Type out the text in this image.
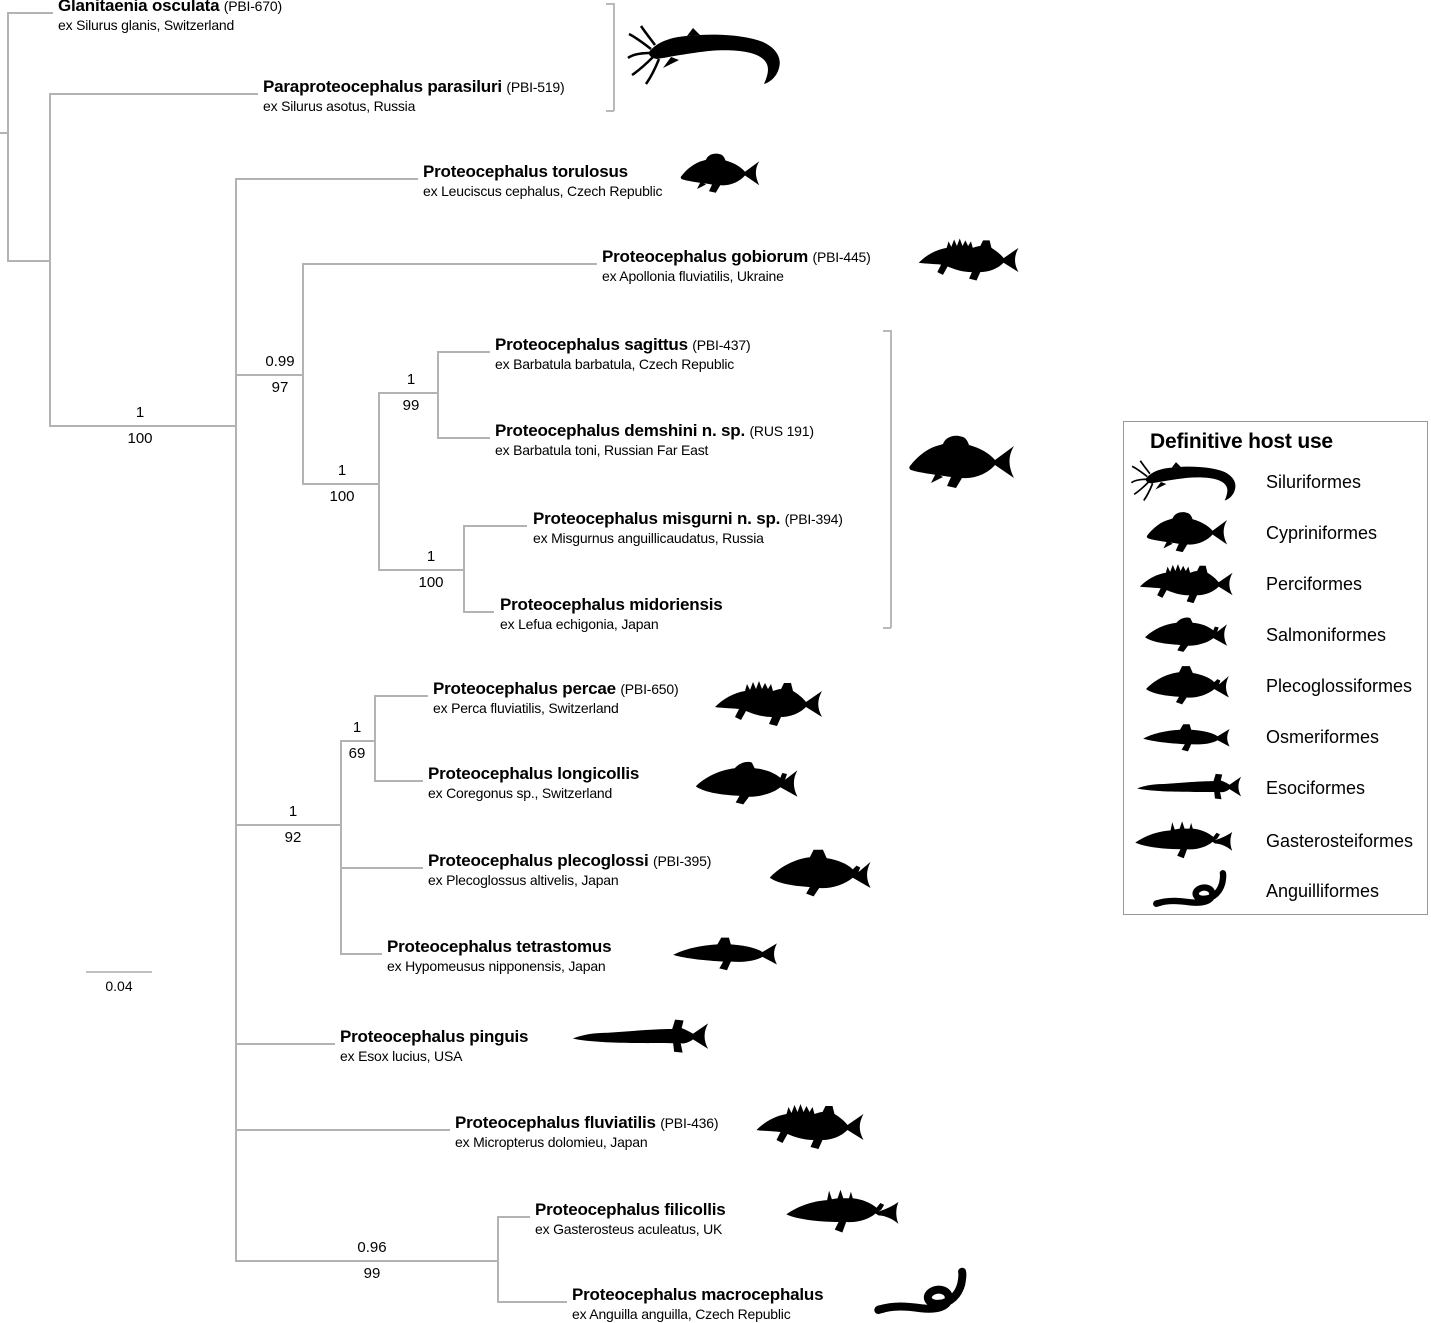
0.04
1
100
0.99
97
1
100
1
99
1
100
1
69
1
92
0.96
99
Glanitaenia osculata (PBI-670)
ex Silurus glanis, Switzerland
Paraproteocephalus parasiluri (PBI-519)
ex Silurus asotus, Russia
Proteocephalus torulosus
ex Leuciscus cephalus, Czech Republic
Proteocephalus gobiorum (PBI-445)
ex Apollonia fluviatilis, Ukraine
Proteocephalus sagittus (PBI-437)
ex Barbatula barbatula, Czech Republic
Proteocephalus demshini n. sp. (RUS 191)
ex Barbatula toni, Russian Far East
Proteocephalus misgurni n. sp. (PBI-394)
ex Misgurnus anguillicaudatus, Russia
Proteocephalus midoriensis
ex Lefua echigonia, Japan
Proteocephalus percae (PBI-650)
ex Perca fluviatilis, Switzerland
Proteocephalus longicollis
ex Coregonus sp., Switzerland
Proteocephalus plecoglossi (PBI-395)
ex Plecoglossus altivelis, Japan
Proteocephalus tetrastomus
ex Hypomeusus nipponensis, Japan
Proteocephalus pinguis
ex Esox lucius, USA
Proteocephalus fluviatilis (PBI-436)
ex Micropterus dolomieu, Japan
Proteocephalus filicollis
ex Gasterosteus aculeatus, UK
Proteocephalus macrocephalus
ex Anguilla anguilla, Czech Republic
Definitive host use
Siluriformes
Cypriniformes
Perciformes
Salmoniformes
Plecoglossiformes
Osmeriformes
Esociformes
Gasterosteiformes
Anguilliformes
